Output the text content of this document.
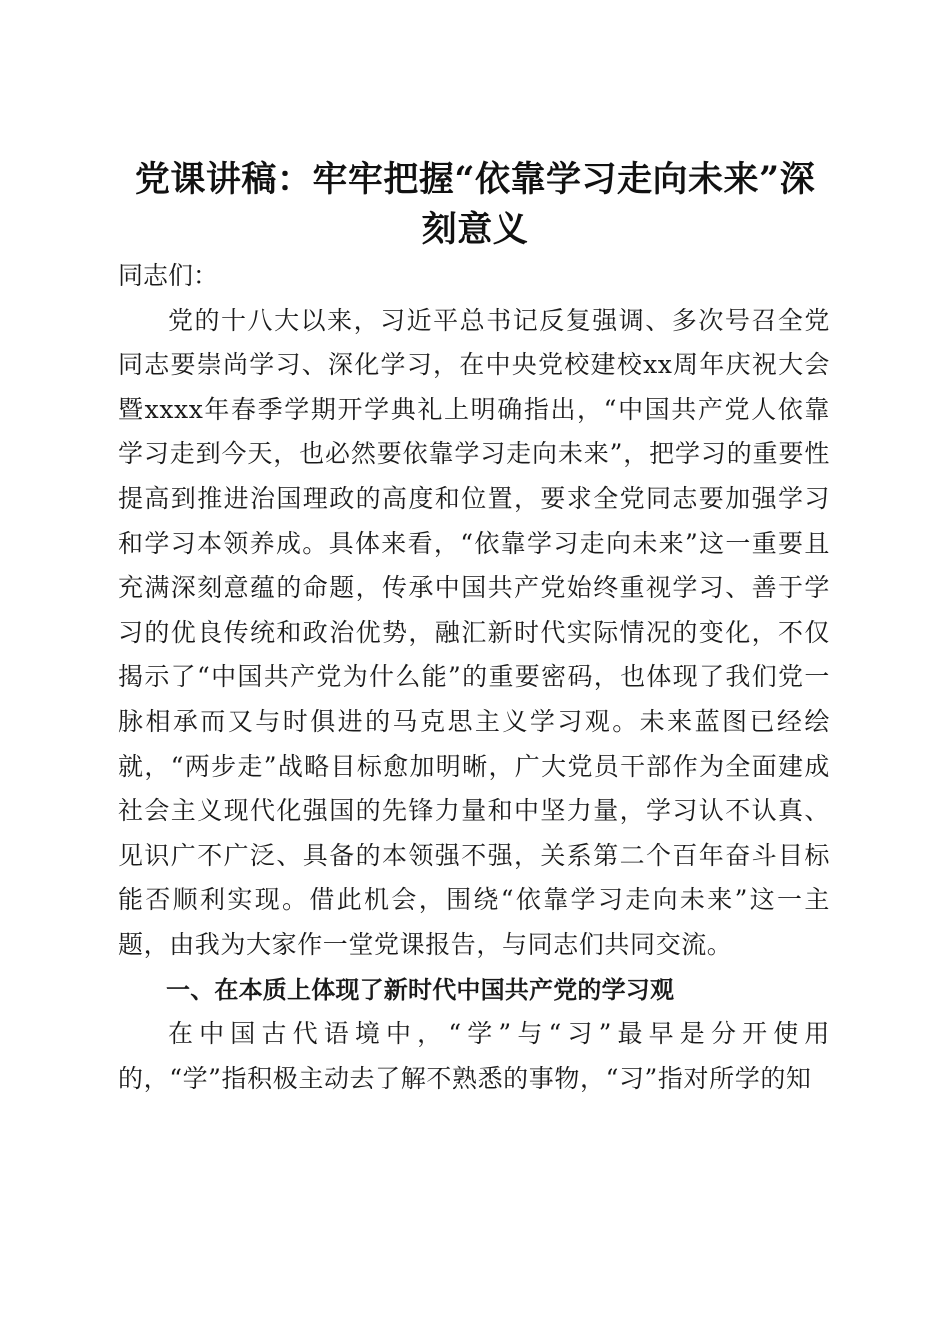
党课讲稿：牢牢把握“依靠学习走向未来”深
刻意义

同志们：

党的十八大以来，习近平总书记反复强调、多次号召全党同志要崇尚学习、深化学习，在中央党校建校xx周年庆祝大会暨xxxx年春季学期开学典礼上明确指出，“中国共产党人依靠学习走到今天，也必然要依靠学习走向未来”，把学习的重要性提高到推进治国理政的高度和位置，要求全党同志要加强学习和学习本领养成。具体来看，“依靠学习走向未来”这一重要且充满深刻意蕴的命题，传承中国共产党始终重视学习、善于学习的优良传统和政治优势，融汇新时代实际情况的变化，不仅揭示了“中国共产党为什么能”的重要密码，也体现了我们党一脉相承而又与时俱进的马克思主义学习观。未来蓝图已经绘就，“两步走”战略目标愈加明晰，广大党员干部作为全面建成社会主义现代化强国的先锋力量和中坚力量，学习认不认真、见识广不广泛、具备的本领强不强，关系第二个百年奋斗目标能否顺利实现。借此机会，围绕“依靠学习走向未来”这一主题，由我为大家作一堂党课报告，与同志们共同交流。

一、在本质上体现了新时代中国共产党的学习观

在中国古代语境中，“学”与“习”最早是分开使用的，“学”指积极主动去了解不熟悉的事物，“习”指对所学的知
